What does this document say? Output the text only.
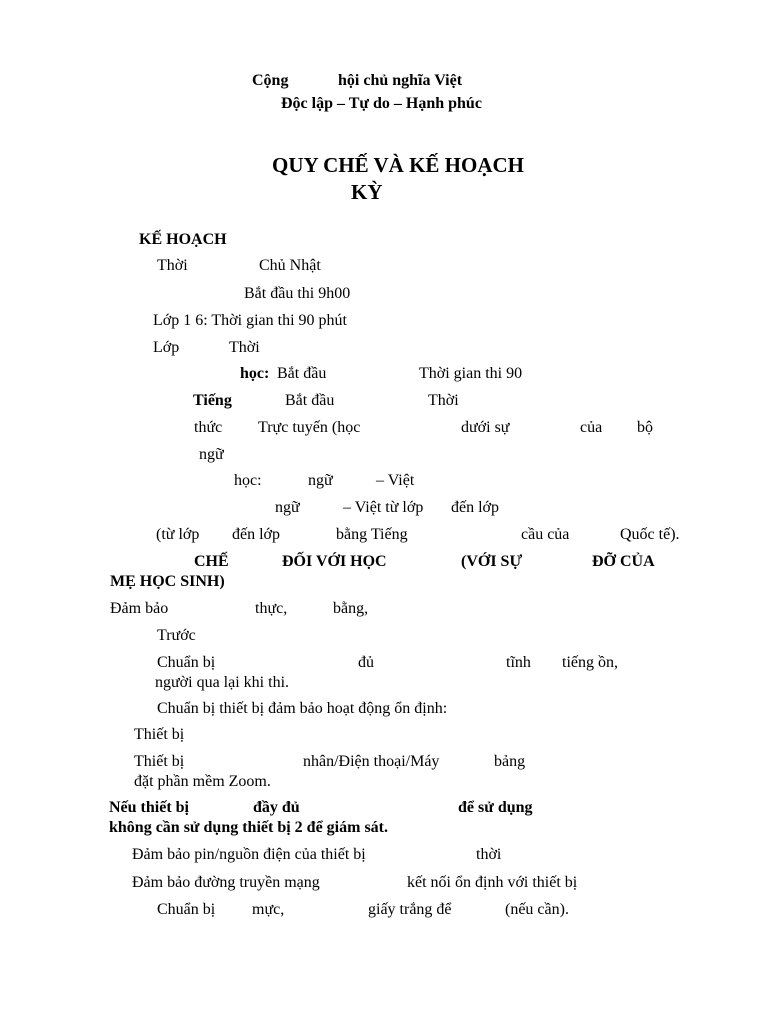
Cộng	hội chủ nghĩa Việt
Độc lập – Tự do – Hạnh phúc
QUY CHẾ VÀ KẾ HOẠCH
KỲ
KẾ HOẠCH
Thời	Chủ Nhật
Bắt đầu thi 9h00
Lớp 1 6: Thời gian thi 90 phút
Lớp	Thời
học: Bắt đầu	Thời gian thi 90
Tiếng	Bắt đầu	Thời
thức Trực tuyến (học	dưới sự	của bộ
ngữ
học:	ngữ	– Việt
ngữ	– Việt từ lớp đến lớp
(từ lớp đến lớp	bằng Tiếng	cầu của	Quốc tế).
CHẾ	ĐỐI VỚI HỌC	(VỚI SỰ	ĐỠ CỦA
MẸ HỌC SINH)
Đảm bảo	thực,	bằng,
Trước
Chuẩn bị	đủ	tĩnh tiếng ồn,
người qua lại khi thi.
Chuẩn bị thiết bị đảm bảo hoạt động ổn định:
Thiết bị
Thiết bị	nhân/Điện thoại/Máy	bảng
đặt phần mềm Zoom.
Nếu thiết bị	đầy đủ	để sử dụng
không cần sử dụng thiết bị 2 để giám sát.
Đảm bảo pin/nguồn điện của thiết bị	thời
Đảm bảo đường truyền mạng	kết nối ổn định với thiết bị
Chuẩn bị mực,	giấy trắng để	(nếu cần).
